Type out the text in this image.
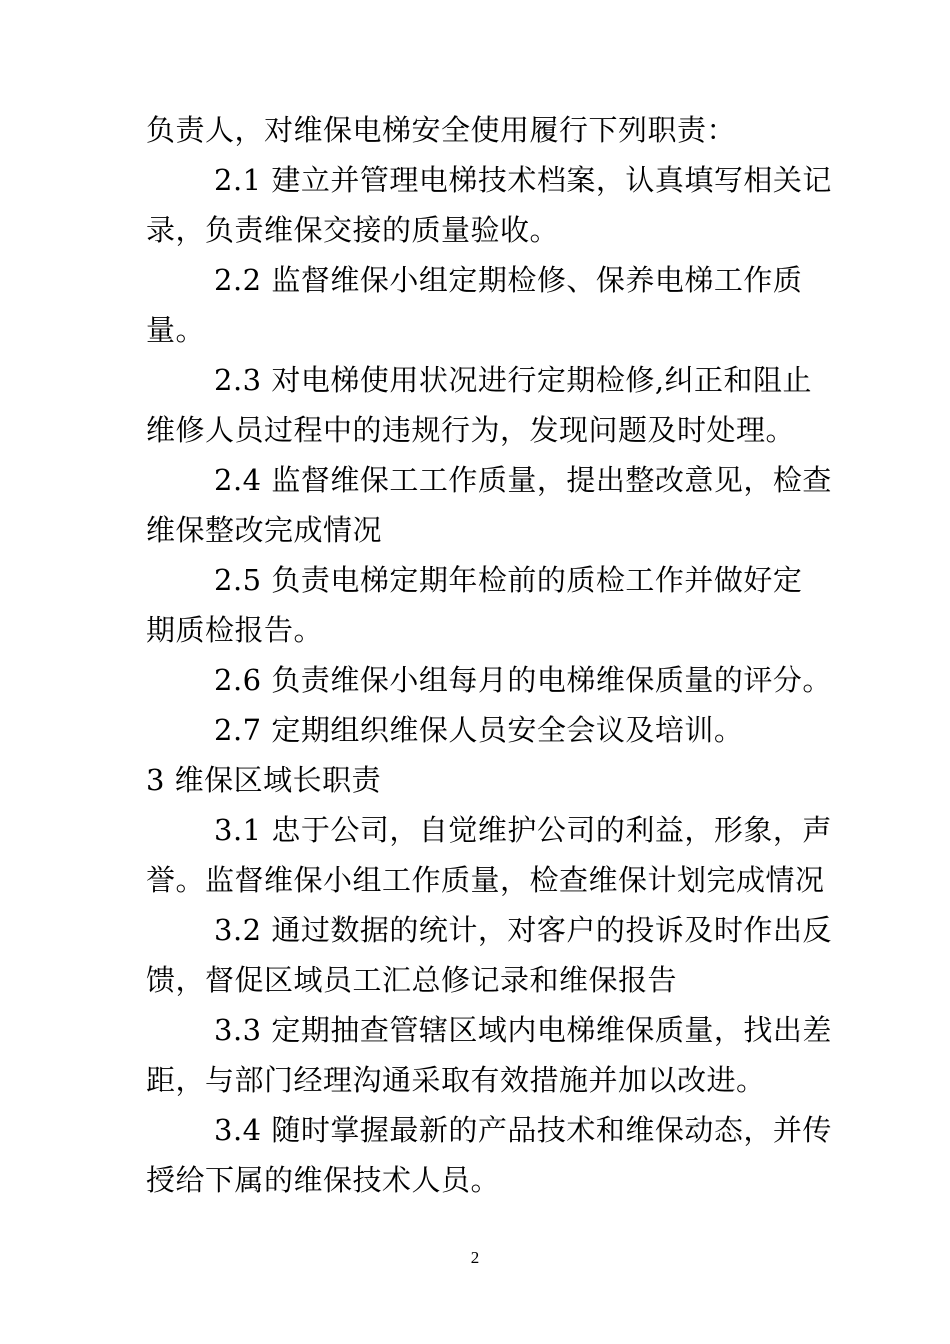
负责人，对维保电梯安全使用履行下列职责：
2.1 建立并管理电梯技术档案，认真填写相关记
录，负责维保交接的质量验收。
2.2 监督维保小组定期检修、保养电梯工作质
量。
2.3 对电梯使用状况进行定期检修,纠正和阻止
维修人员过程中的违规行为，发现问题及时处理。
2.4 监督维保工工作质量，提出整改意见，检查
维保整改完成情况
2.5 负责电梯定期年检前的质检工作并做好定
期质检报告。
2.6 负责维保小组每月的电梯维保质量的评分。
2.7 定期组织维保人员安全会议及培训。
3 维保区域长职责
3.1 忠于公司，自觉维护公司的利益，形象，声
誉。监督维保小组工作质量，检查维保计划完成情况
3.2 通过数据的统计，对客户的投诉及时作出反
馈，督促区域员工汇总修记录和维保报告
3.3 定期抽查管辖区域内电梯维保质量，找出差
距，与部门经理沟通采取有效措施并加以改进。
3.4 随时掌握最新的产品技术和维保动态，并传
授给下属的维保技术人员。
2
